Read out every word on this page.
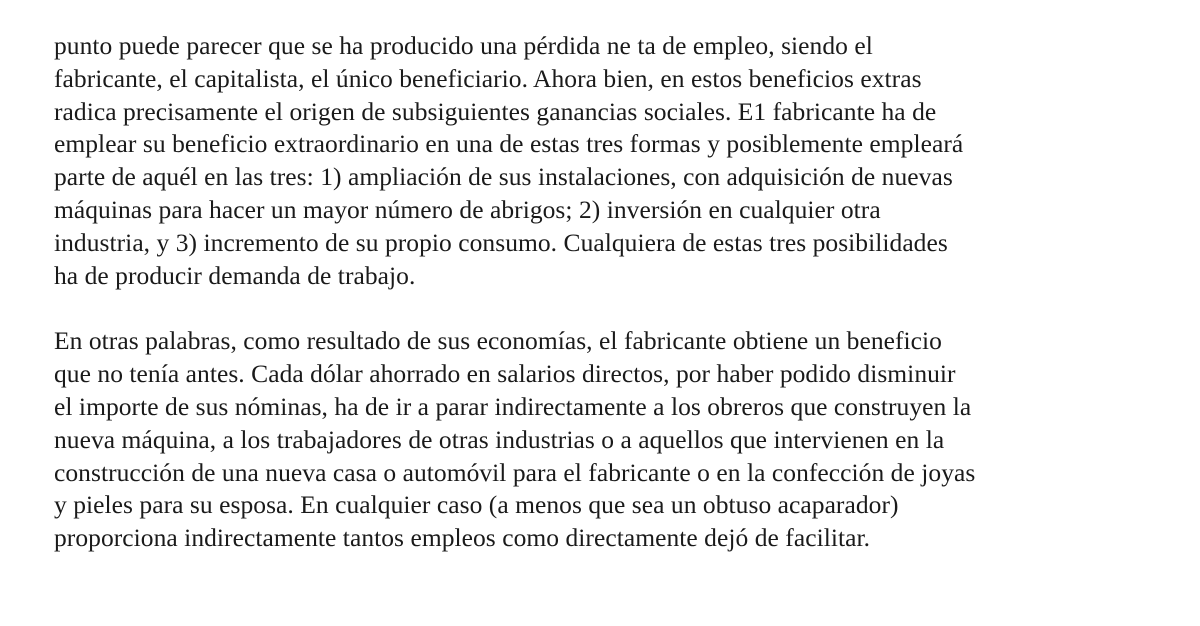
punto puede parecer que se ha producido una pérdida ne ta de empleo, siendo el
fabricante, el capitalista, el único beneficiario. Ahora bien, en estos beneficios extras
radica precisamente el origen de subsiguientes ganancias sociales. E1 fabricante ha de
emplear su beneficio extraordinario en una de estas tres formas y posiblemente empleará
parte de aquél en las tres: 1) ampliación de sus instalaciones, con adquisición de nuevas
máquinas para hacer un mayor número de abrigos; 2) inversión en cualquier otra
industria, y 3) incremento de su propio consumo. Cualquiera de estas tres posibilidades
ha de producir demanda de trabajo.
En otras palabras, como resultado de sus economías, el fabricante obtiene un beneficio
que no tenía antes. Cada dólar ahorrado en salarios directos, por haber podido disminuir
el importe de sus nóminas, ha de ir a parar indirectamente a los obreros que construyen la
nueva máquina, a los trabajadores de otras industrias o a aquellos que intervienen en la
construcción de una nueva casa o automóvil para el fabricante o en la confección de joyas
y pieles para su esposa. En cualquier caso (a menos que sea un obtuso acaparador)
proporciona indirectamente tantos empleos como directamente dejó de facilitar.
